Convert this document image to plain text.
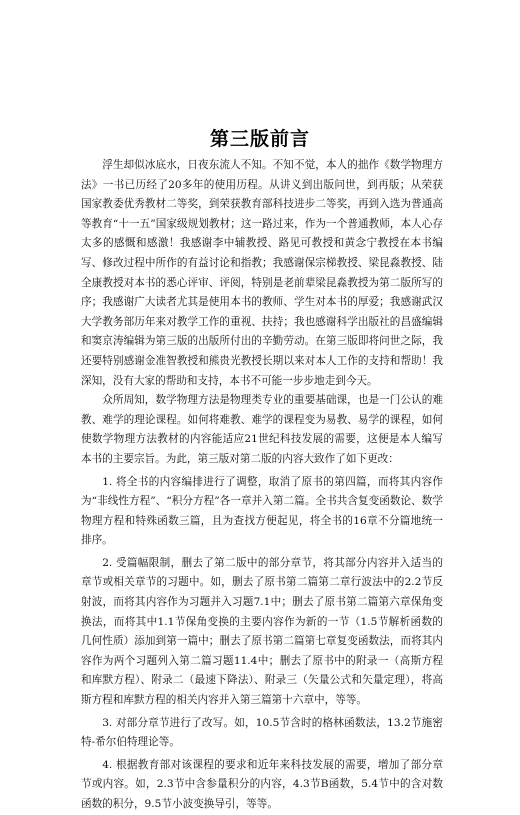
第三版前言

浮生却似冰底水，日夜东流人不知。不知不觉，本人的拙作《数学物理方法》一书已历经了20多年的使用历程。从讲义到出版问世，到再版；从荣获国家教委优秀教材二等奖，到荣获教育部科技进步二等奖，再到入选为普通高等教育“十一五”国家级规划教材；这一路过来，作为一个普通教师，本人心存太多的感慨和感激！我感谢李中辅教授、路见可教授和黄念宁教授在本书编写、修改过程中所作的有益讨论和指教；我感谢保宗梯教授、梁昆淼教授、陆全康教授对本书的悉心评审、评阅，特别是老前辈梁昆淼教授为第二版所写的序；我感谢广大读者尤其是使用本书的教师、学生对本书的厚爱；我感谢武汉大学教务部历年来对教学工作的重视、扶持；我也感谢科学出版社的昌盛编辑和窦京涛编辑为第三版的出版所付出的辛勤劳动。在第三版即将问世之际，我还要特别感谢金准智教授和熊贵光教授长期以来对本人工作的支持和帮助！我深知，没有大家的帮助和支持，本书不可能一步步地走到今天。

众所周知，数学物理方法是物理类专业的重要基础课，也是一门公认的难教、难学的理论课程。如何将难教、难学的课程变为易教、易学的课程，如何使数学物理方法教材的内容能适应21世纪科技发展的需要，这便是本人编写本书的主要宗旨。为此，第三版对第二版的内容大致作了如下更改：

1. 将全书的内容编排进行了调整，取消了原书的第四篇，而将其内容作为“非线性方程”、“积分方程”各一章并入第二篇。全书共含复变函数论、数学物理方程和特殊函数三篇，且为查找方便起见，将全书的16章不分篇地统一排序。

2. 受篇幅限制，删去了第二版中的部分章节，将其部分内容并入适当的章节或相关章节的习题中。如，删去了原书第二篇第二章行波法中的2.2节反射波，而将其内容作为习题并入习题7.1中；删去了原书第二篇第六章保角变换法，而将其中1.1节保角变换的主要内容作为新的一节（1.5节解析函数的几何性质）添加到第一篇中；删去了原书第二篇第七章复变函数法，而将其内容作为两个习题列入第二篇习题11.4中；删去了原书中的附录一（高斯方程和库默方程）、附录二（最速下降法）、附录三（矢量公式和矢量定理），将高斯方程和库默方程的相关内容并入第三篇第十六章中，等等。

3. 对部分章节进行了改写。如，10.5节含时的格林函数法，13.2节施密特-希尔伯特理论等。

4. 根据教育部对该课程的要求和近年来科技发展的需要，增加了部分章节或内容。如，2.3节中含参量积分的内容，4.3节B函数，5.4节中的含对数函数的积分，9.5节小波变换导引，等等。
